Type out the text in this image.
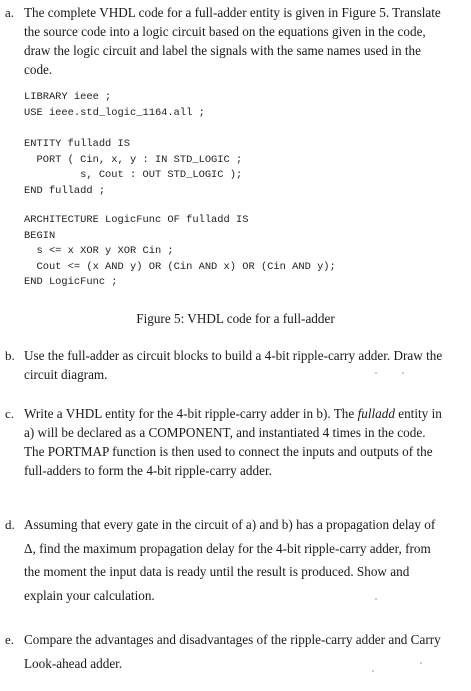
a. The complete VHDL code for a full-adder entity is given in Figure 5. Translate the source code into a logic circuit based on the equations given in the code, draw the logic circuit and label the signals with the same names used in the code.
LIBRARY ieee ;
USE ieee.std_logic_1164.all ;
ENTITY fulladd IS
PORT ( Cin, x, y : IN STD_LOGIC ;
s, Cout : OUT STD_LOGIC );
END fulladd ;
ARCHITECTURE LogicFunc OF fulladd IS
BEGIN
s <= x XOR y XOR Cin ;
Cout <= (x AND y) OR (Cin AND x) OR (Cin AND y);
END LogicFunc ;
Figure 5: VHDL code for a full-adder
b. Use the full-adder as circuit blocks to build a 4-bit ripple-carry adder. Draw the circuit diagram.
c. Write a VHDL entity for the 4-bit ripple-carry adder in b). The fulladd entity in a) will be declared as a COMPONENT, and instantiated 4 times in the code. The PORTMAP function is then used to connect the inputs and outputs of the full-adders to form the 4-bit ripple-carry adder.
d. Assuming that every gate in the circuit of a) and b) has a propagation delay of Δ, find the maximum propagation delay for the 4-bit ripple-carry adder, from the moment the input data is ready until the result is produced. Show and explain your calculation.
e. Compare the advantages and disadvantages of the ripple-carry adder and Carry Look-ahead adder.
